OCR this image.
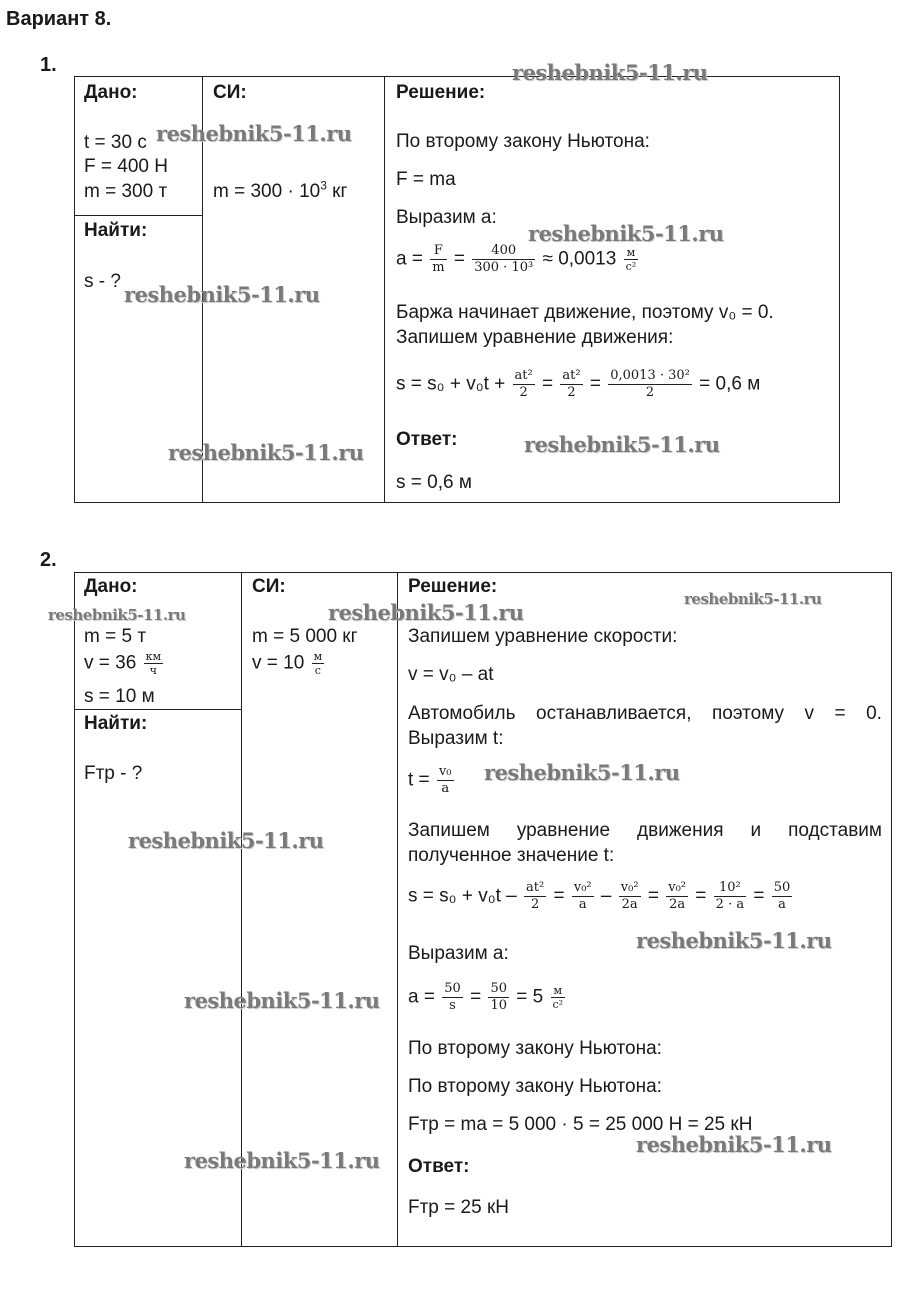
Вариант 8.
1.
Дано:
t = 30 с
F = 400 Н
m = 300 т
Найти:
s - ?
СИ:
$m = 300 \cdot 10^3$ кг
Решение:
По второму закону Ньютона:
F = ma
Выразим a:
$a = \frac{F}{m} = \frac{400}{\text{300 · 10³}} \approx 0,0013 \frac{м}{\text{с²}}$
Баржа начинает движение, поэтому v₀ = 0.
Запишем уравнение движения:
$s = s_0 + v_0t + \frac{\text{at²}}{2} = \frac{\text{at²}}{2} = \frac{\text{0,0013 · 30²}}{2} = 0,6$ м
Ответ:
s = 0,6 м
reshebnik5-11.ru
reshebnik5-11.ru
reshebnik5-11.ru
reshebnik5-11.ru
reshebnik5-11.ru
reshebnik5-11.ru
2.
Дано:
m = 5 т
$v = 36 \frac{км}{ч}$
s = 10 м
Найти:
Fтр - ?
СИ:
m = 5 000 кг
$v = 10 \frac{м}{с}$
Решение:
Запишем уравнение скорости:
v = v₀ – at
Автомобиль останавливается, поэтому v = 0.
Выразим t:
$t = \frac{\text{v₀}}{a}$
Запишем уравнение движения и подставим
полученное значение t:
$s = s_0 + v_0t - \frac{\text{at²}}{2} = \frac{\text{v₀²}}{a} - \frac{\text{v₀²}}{2a} = \frac{\text{v₀²}}{2a} = \frac{\text{10²}}{2 \cdot a} = \frac{50}{a}$
Выразим a:
$a = \frac{50}{s} = \frac{50}{10} = 5 \frac{м}{\text{с²}}$
По второму закону Ньютона:
По второму закону Ньютона:
Fтр = ma = 5 000 · 5 = 25 000 Н = 25 кН
Ответ:
Fтр = 25 кН
reshebnik5-11.ru	reshebnik5-11.ru
reshebnik5-11.ru
reshebnik5-11.ru
reshebnik5-11.ru
reshebnik5-11.ru
reshebnik5-11.ru
reshebnik5-11.ru
reshebnik5-11.ru
